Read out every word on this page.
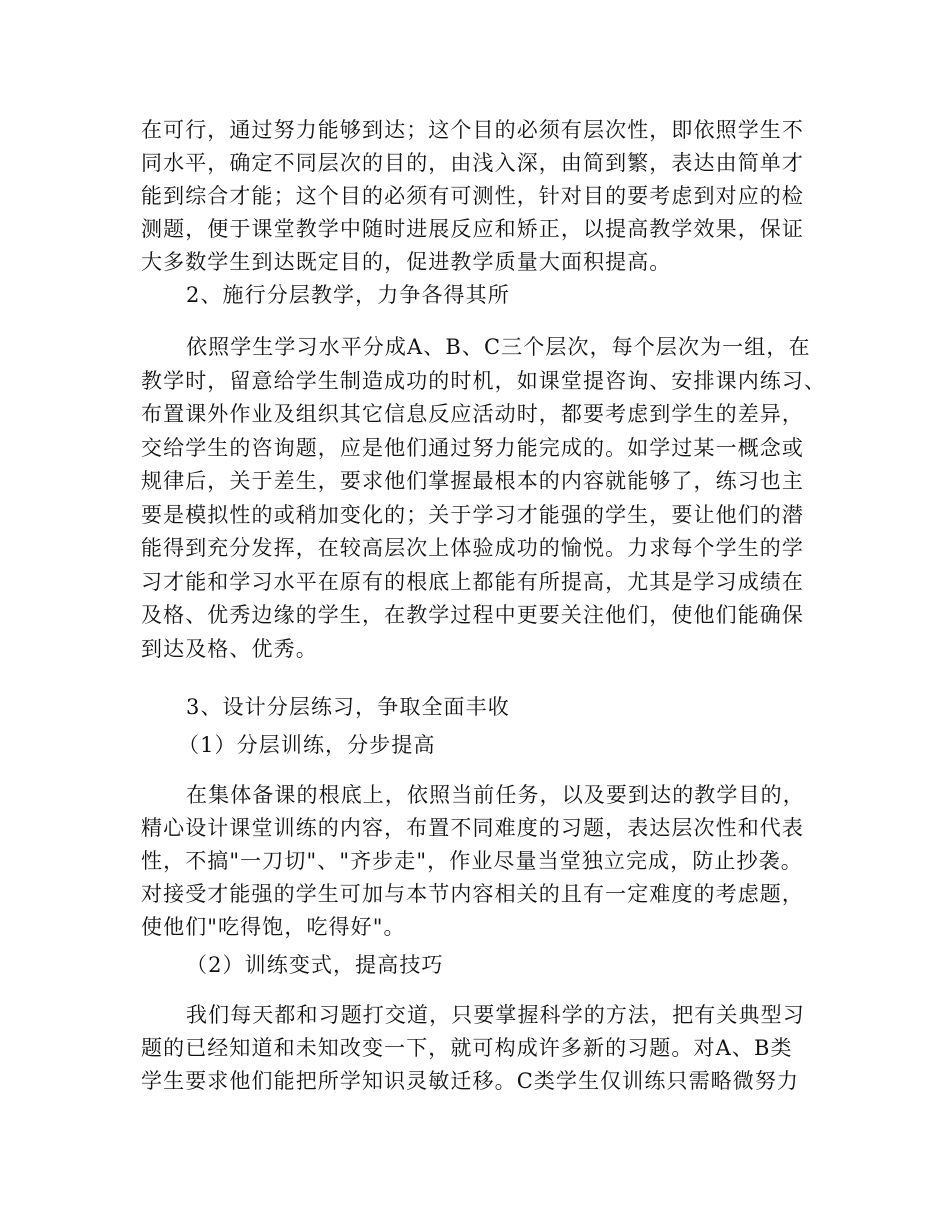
在可行，通过努力能够到达；这个目的必须有层次性，即依照学生不
同水平，确定不同层次的目的，由浅入深，由简到繁，表达由简单才
能到综合才能；这个目的必须有可测性，针对目的要考虑到对应的检
测题，便于课堂教学中随时进展反应和矫正，以提高教学效果，保证
大多数学生到达既定目的，促进教学质量大面积提高。
2、施行分层教学，力争各得其所
依照学生学习水平分成A、B、C三个层次，每个层次为一组，在
教学时，留意给学生制造成功的时机，如课堂提咨询、安排课内练习、
布置课外作业及组织其它信息反应活动时，都要考虑到学生的差异，
交给学生的咨询题，应是他们通过努力能完成的。如学过某一概念或
规律后，关于差生，要求他们掌握最根本的内容就能够了，练习也主
要是模拟性的或稍加变化的；关于学习才能强的学生，要让他们的潜
能得到充分发挥，在较高层次上体验成功的愉悦。力求每个学生的学
习才能和学习水平在原有的根底上都能有所提高，尤其是学习成绩在
及格、优秀边缘的学生，在教学过程中更要关注他们，使他们能确保
到达及格、优秀。
3、设计分层练习，争取全面丰收
（1）分层训练，分步提高
在集体备课的根底上，依照当前任务，以及要到达的教学目的，
精心设计课堂训练的内容，布置不同难度的习题，表达层次性和代表
性，不搞"一刀切"、"齐步走"，作业尽量当堂独立完成，防止抄袭。
对接受才能强的学生可加与本节内容相关的且有一定难度的考虑题，
使他们"吃得饱，吃得好"。
（2）训练变式，提高技巧
我们每天都和习题打交道，只要掌握科学的方法，把有关典型习
题的已经知道和未知改变一下，就可构成许多新的习题。对A、B类
学生要求他们能把所学知识灵敏迁移。C类学生仅训练只需略微努力
